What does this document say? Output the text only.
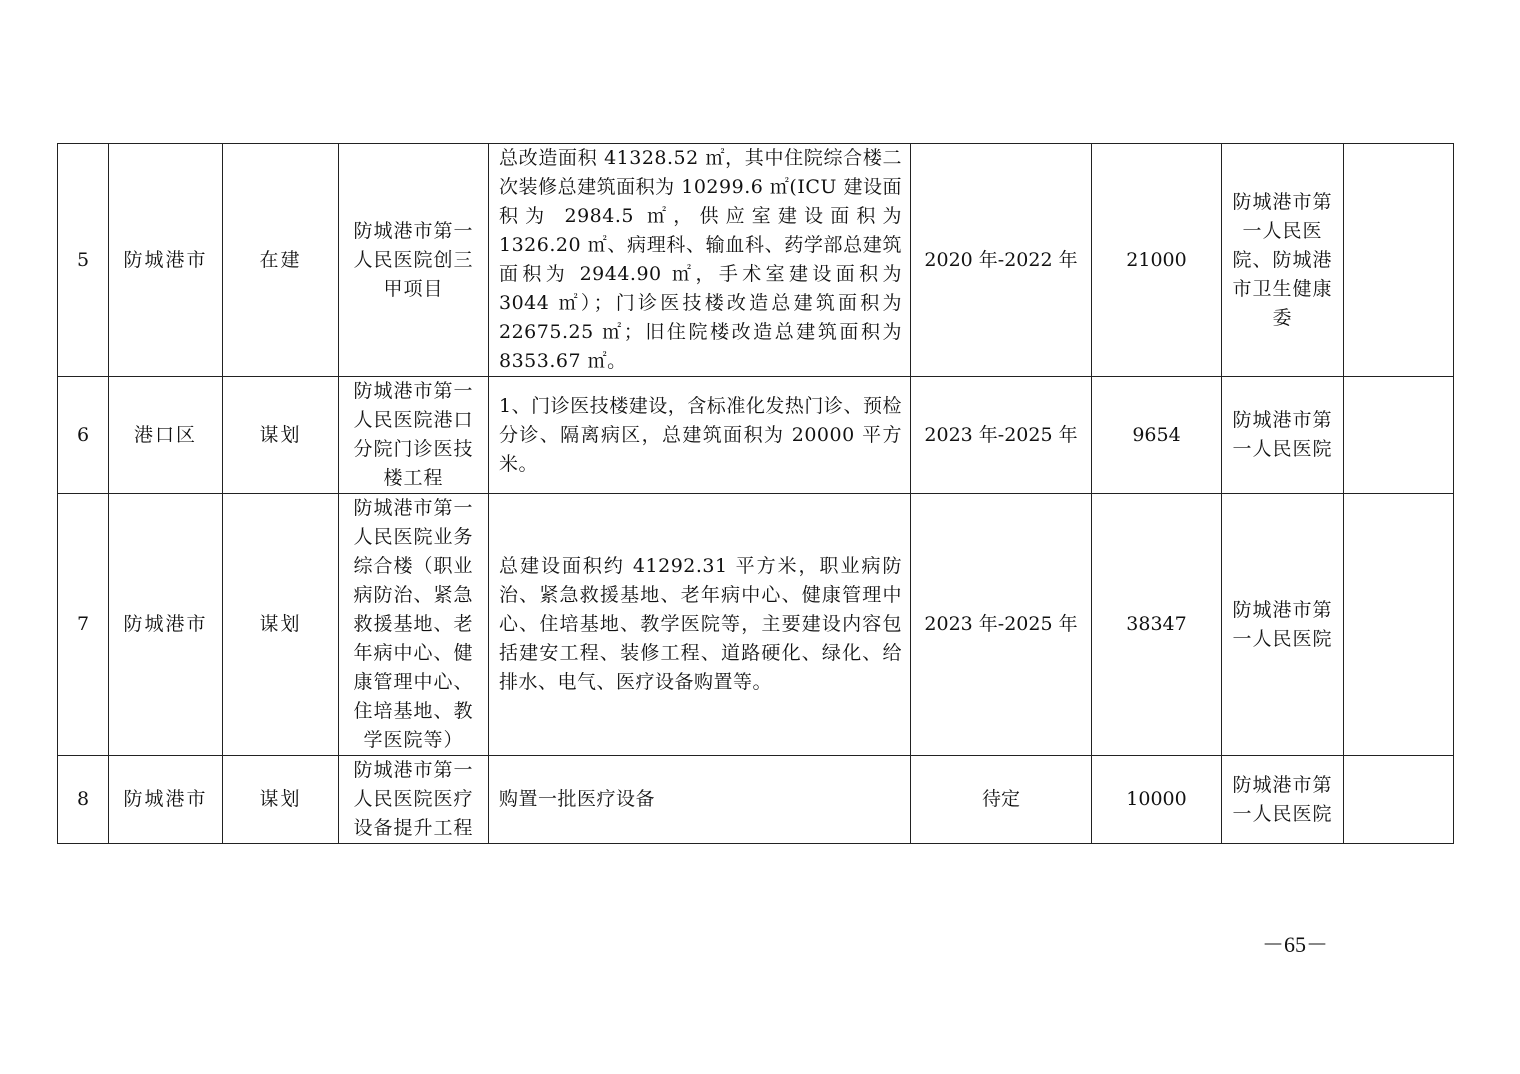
5	防城港市	在建	防城港市第一人民医院创三甲项目	总改造面积 41328.52 ㎡，其中住院综合楼二次装修总建筑面积为 10299.6 ㎡(ICU 建设面积为 2984.5 ㎡，供应室建设面积为 1326.20 ㎡、病理科、输血科、药学部总建筑面积为 2944.90 ㎡，手术室建设面积为 3044 ㎡）；门诊医技楼改造总建筑面积为 22675.25 ㎡；旧住院楼改造总建筑面积为 8353.67 ㎡。	2020 年-2022 年	21000	防城港市第一人民医院、防城港市卫生健康委	
6	港口区	谋划	防城港市第一人民医院港口分院门诊医技楼工程	1、门诊医技楼建设，含标准化发热门诊、预检分诊、隔离病区，总建筑面积为 20000 平方米。	2023 年-2025 年	9654	防城港市第一人民医院	
7	防城港市	谋划	防城港市第一人民医院业务综合楼（职业病防治、紧急救援基地、老年病中心、健康管理中心、住培基地、教学医院等）	总建设面积约 41292.31 平方米，职业病防治、紧急救援基地、老年病中心、健康管理中心、住培基地、教学医院等，主要建设内容包括建安工程、装修工程、道路硬化、绿化、给排水、电气、医疗设备购置等。	2023 年-2025 年	38347	防城港市第一人民医院	
8	防城港市	谋划	防城港市第一人民医院医疗设备提升工程	购置一批医疗设备	待定	10000	防城港市第一人民医院	
－65－
